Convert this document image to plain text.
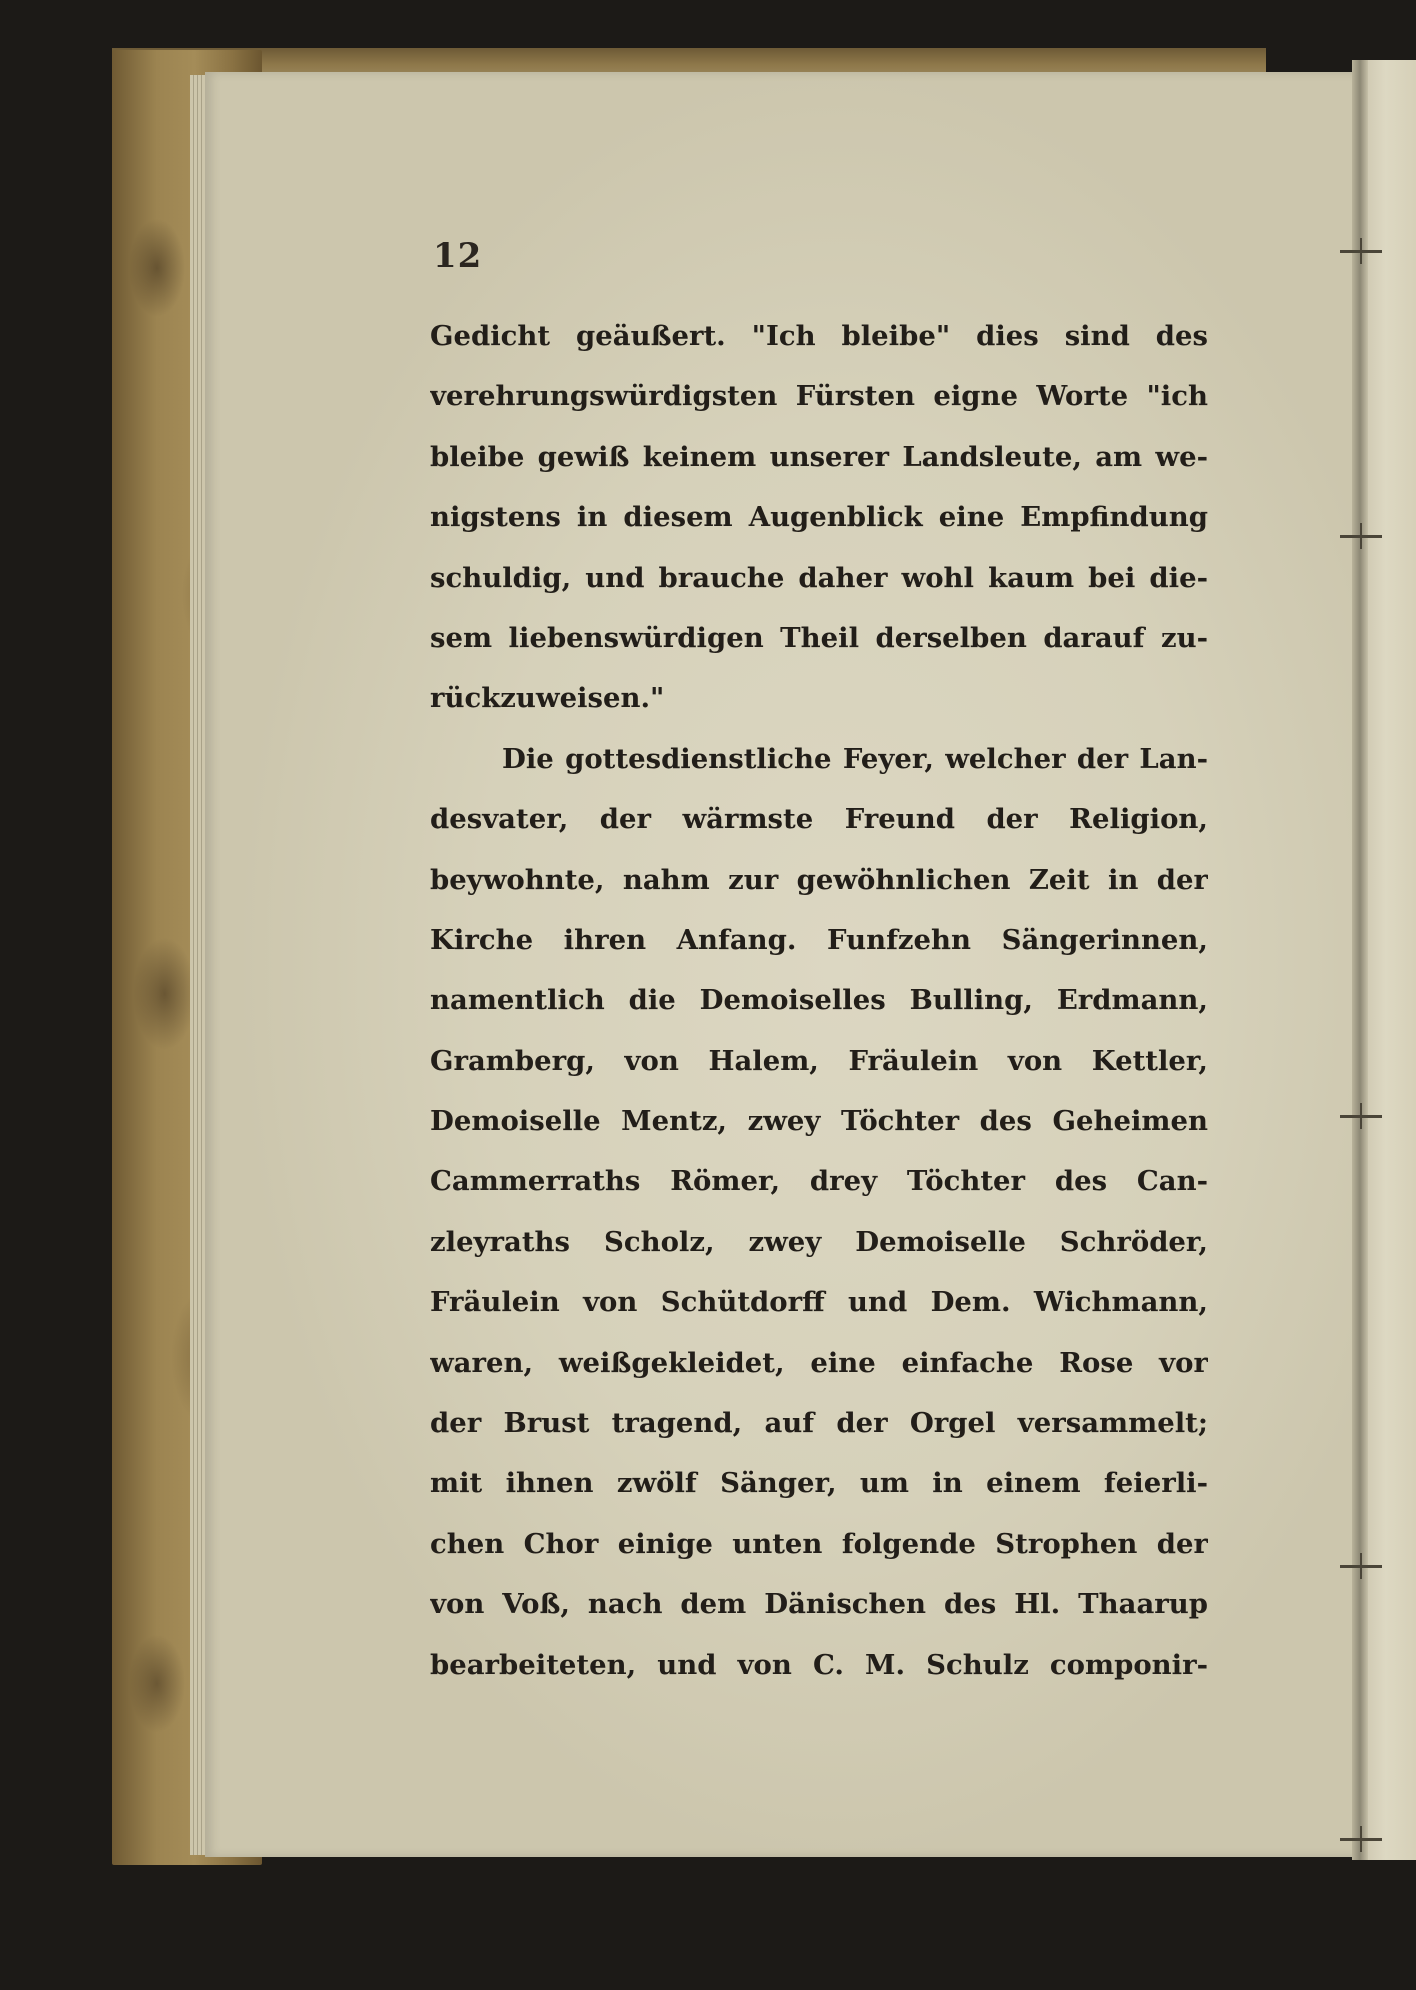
12
Gedicht geäußert. "Ich bleibe" dies sind des
verehrungswürdigsten Fürsten eigne Worte "ich
bleibe gewiß keinem unserer Landsleute, am we-
nigstens in diesem Augenblick eine Empfindung
schuldig, und brauche daher wohl kaum bei die-
sem liebenswürdigen Theil derselben darauf zu-
rückzuweisen."
Die gottesdienstliche Feyer, welcher der Lan-
desvater, der wärmste Freund der Religion,
beywohnte, nahm zur gewöhnlichen Zeit in der
Kirche ihren Anfang. Funfzehn Sängerinnen,
namentlich die Demoiselles Bulling, Erdmann,
Gramberg, von Halem, Fräulein von Kettler,
Demoiselle Mentz, zwey Töchter des Geheimen
Cammerraths Römer, drey Töchter des Can-
zleyraths Scholz, zwey Demoiselle Schröder,
Fräulein von Schütdorff und Dem. Wichmann,
waren, weißgekleidet, eine einfache Rose vor
der Brust tragend, auf der Orgel versammelt;
mit ihnen zwölf Sänger, um in einem feierli-
chen Chor einige unten folgende Strophen der
von Voß, nach dem Dänischen des Hl. Thaarup
bearbeiteten, und von C. M. Schulz componir-
